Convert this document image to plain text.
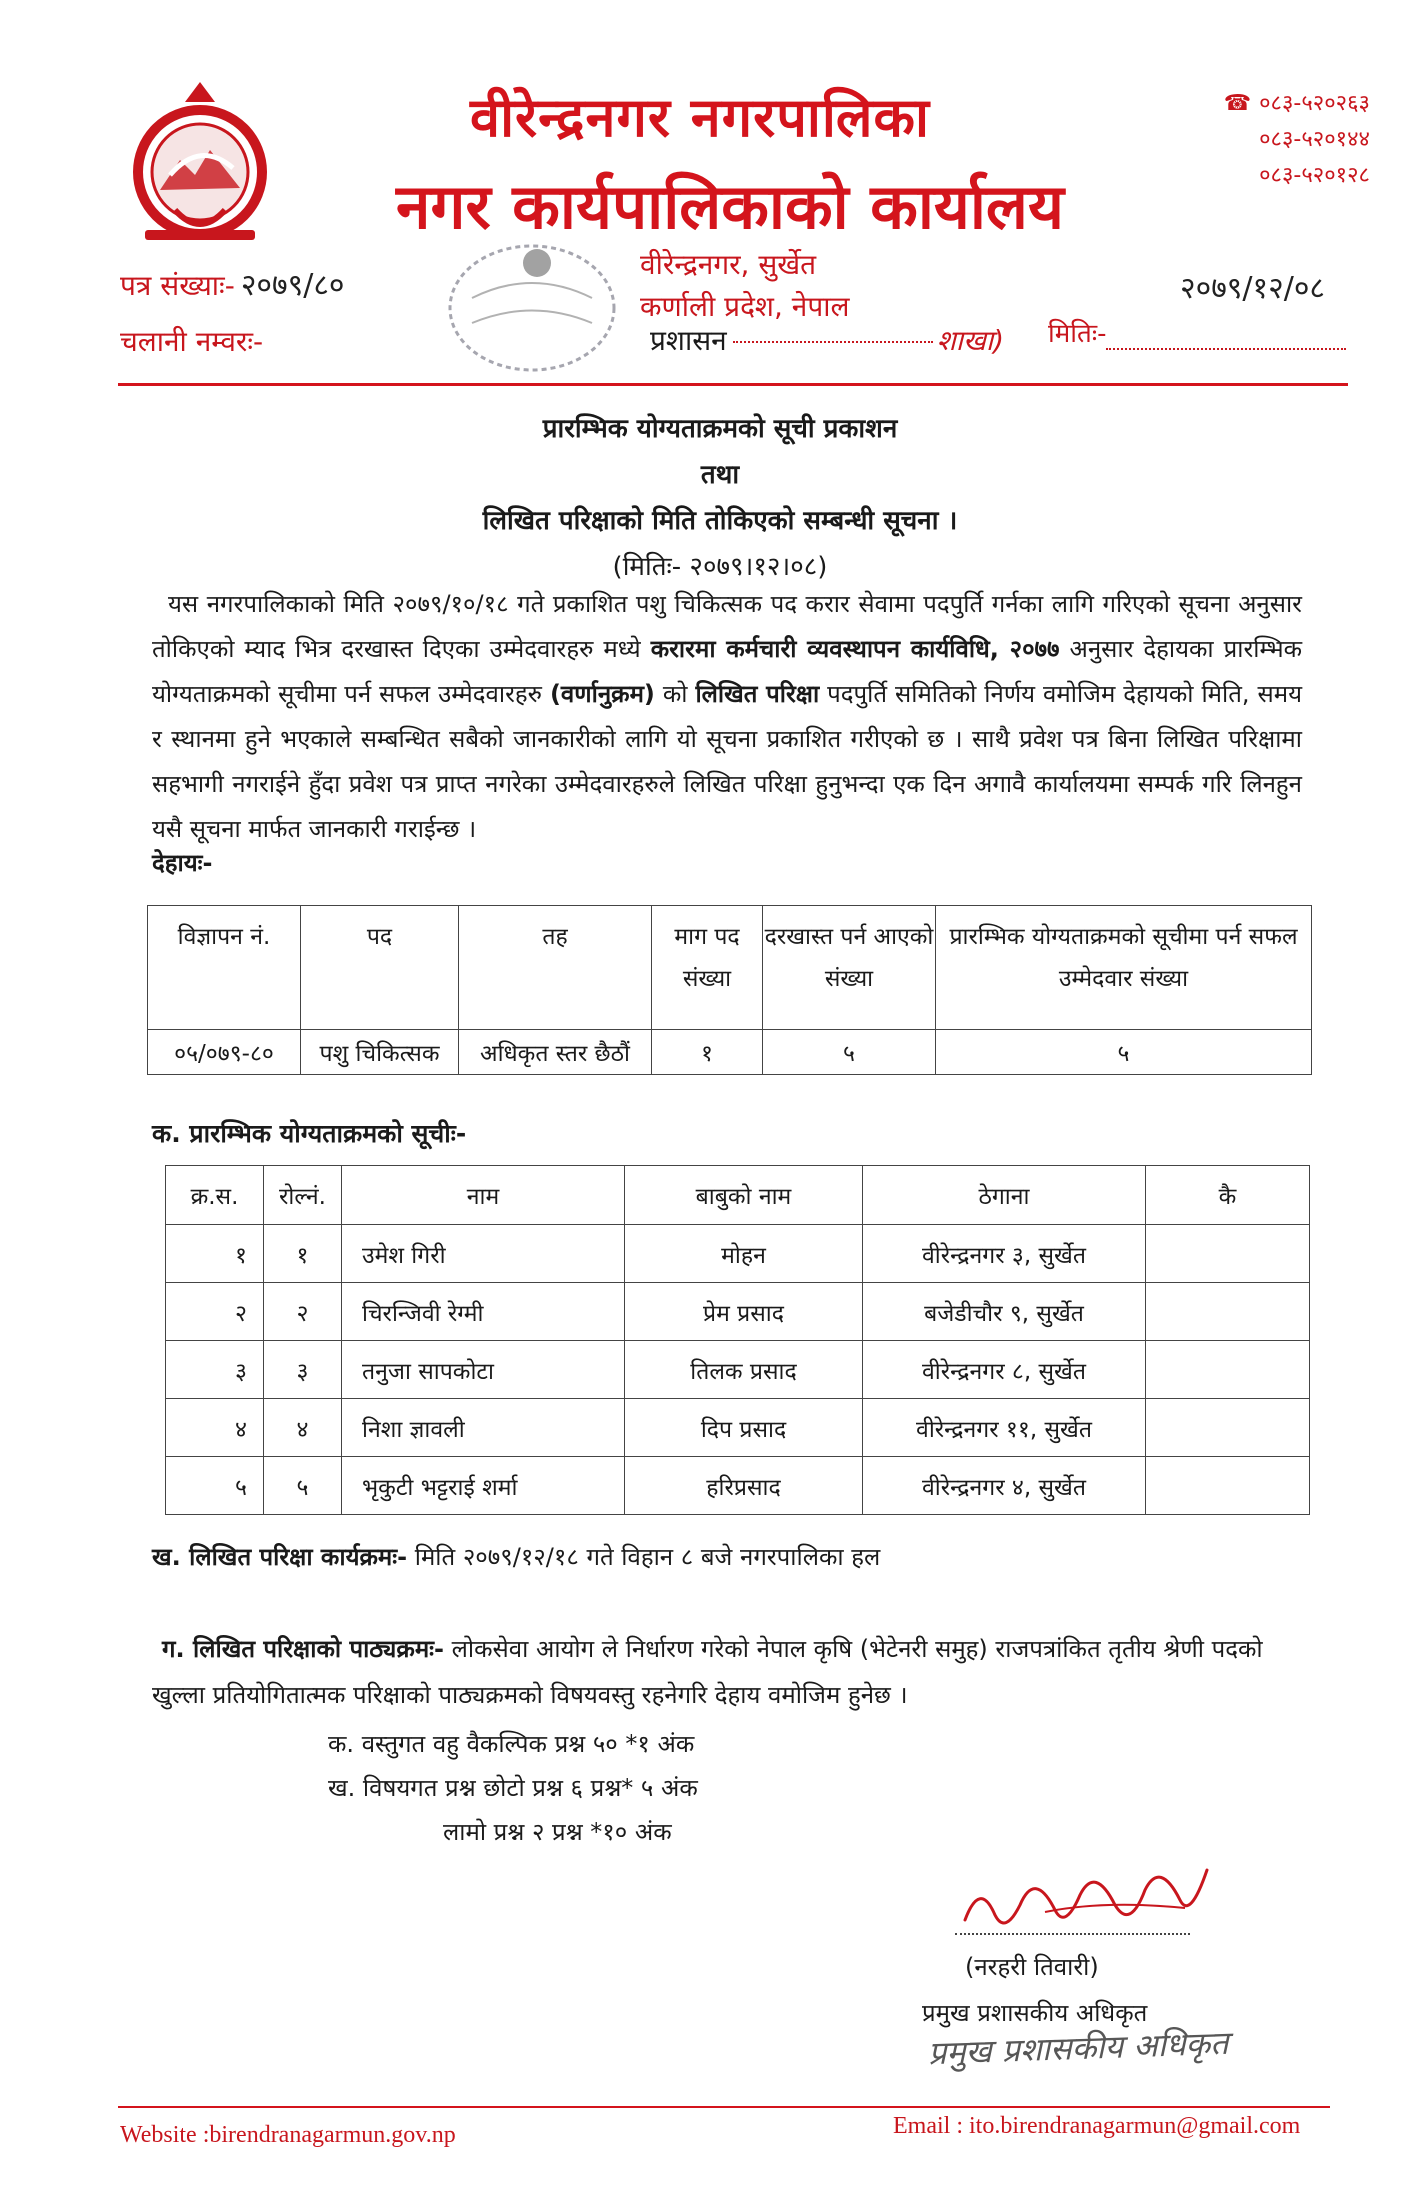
वीरेन्द्रनगर नगरपालिका
नगर कार्यपालिकाको कार्यालय
☎ ०८३-५२०२६३
०८३-५२०१४४
०८३-५२०१२८
पत्र संख्याः- २०७९/८०
चलानी नम्वरः-
वीरेन्द्रनगर, सुर्खेत
कर्णाली प्रदेश, नेपाल
प्रशासन	शाखा)
२०७९/१२/०८
मितिः-
प्रारम्भिक योग्यताक्रमको सूची प्रकाशन
तथा
लिखित परिक्षाको मिति तोकिएको सम्बन्धी सूचना ।
(मितिः- २०७९।१२।०८)
यस नगरपालिकाको मिति २०७९/१०/१८ गते प्रकाशित पशु चिकित्सक पद करार सेवामा पदपुर्ति गर्नका लागि गरिएको सूचना अनुसार तोकिएको म्याद भित्र दरखास्त दिएका उम्मेदवारहरु मध्ये करारमा कर्मचारी व्यवस्थापन कार्यविधि, २०७७ अनुसार देहायका प्रारम्भिक योग्यताक्रमको सूचीमा पर्न सफल उम्मेदवारहरु (वर्णानुक्रम) को लिखित परिक्षा पदपुर्ति समितिको निर्णय वमोजिम देहायको मिति, समय र स्थानमा हुने भएकाले सम्बन्धित सबैको जानकारीको लागि यो सूचना प्रकाशित गरीएको छ । साथै प्रवेश पत्र बिना लिखित परिक्षामा सहभागी नगराईने हुँदा प्रवेश पत्र प्राप्त नगरेका उम्मेदवारहरुले लिखित परिक्षा हुनुभन्दा एक दिन अगावै कार्यालयमा सम्पर्क गरि लिनहुन यसै सूचना मार्फत जानकारी गराईन्छ ।
देहायः-
विज्ञापन नं.	पद	तह	माग पद संख्या	दरखास्त पर्न आएको संख्या	प्रारम्भिक योग्यताक्रमको सूचीमा पर्न सफल उम्मेदवार संख्या
०५/०७९-८०	पशु चिकित्सक	अधिकृत स्तर छैठौं	१	५	५
क. प्रारम्भिक योग्यताक्रमको सूचीः-
क्र.स.	रोल्नं.	नाम	बाबुको नाम	ठेगाना	कै
१	१	उमेश गिरी	मोहन	वीरेन्द्रनगर ३, सुर्खेत	
२	२	चिरन्जिवी रेग्मी	प्रेम प्रसाद	बजेडीचौर ९, सुर्खेत	
३	३	तनुजा सापकोटा	तिलक प्रसाद	वीरेन्द्रनगर ८, सुर्खेत	
४	४	निशा ज्ञावली	दिप प्रसाद	वीरेन्द्रनगर ११, सुर्खेत	
५	५	भृकुटी भट्टराई शर्मा	हरिप्रसाद	वीरेन्द्रनगर ४, सुर्खेत	
ख. लिखित परिक्षा कार्यक्रमः- मिति २०७९/१२/१८ गते विहान ८ बजे नगरपालिका हल
ग. लिखित परिक्षाको पाठ्यक्रमः- लोकसेवा आयोग ले निर्धारण गरेको नेपाल कृषि (भेटेनरी समुह) राजपत्रांकित तृतीय श्रेणी पदको खुल्ला प्रतियोगितात्मक परिक्षाको पाठ्यक्रमको विषयवस्तु रहनेगरि देहाय वमोजिम हुनेछ ।
क. वस्तुगत वहु वैकल्पिक प्रश्न ५० *१ अंक
ख. विषयगत प्रश्न छोटो प्रश्न ६ प्रश्न* ५ अंक
लामो प्रश्न २ प्रश्न *१० अंक
(नरहरी तिवारी)
प्रमुख प्रशासकीय अधिकृत
प्रमुख प्रशासकीय अधिकृत
Website :birendranagarmun.gov.np	Email : ito.birendranagarmun@gmail.com
